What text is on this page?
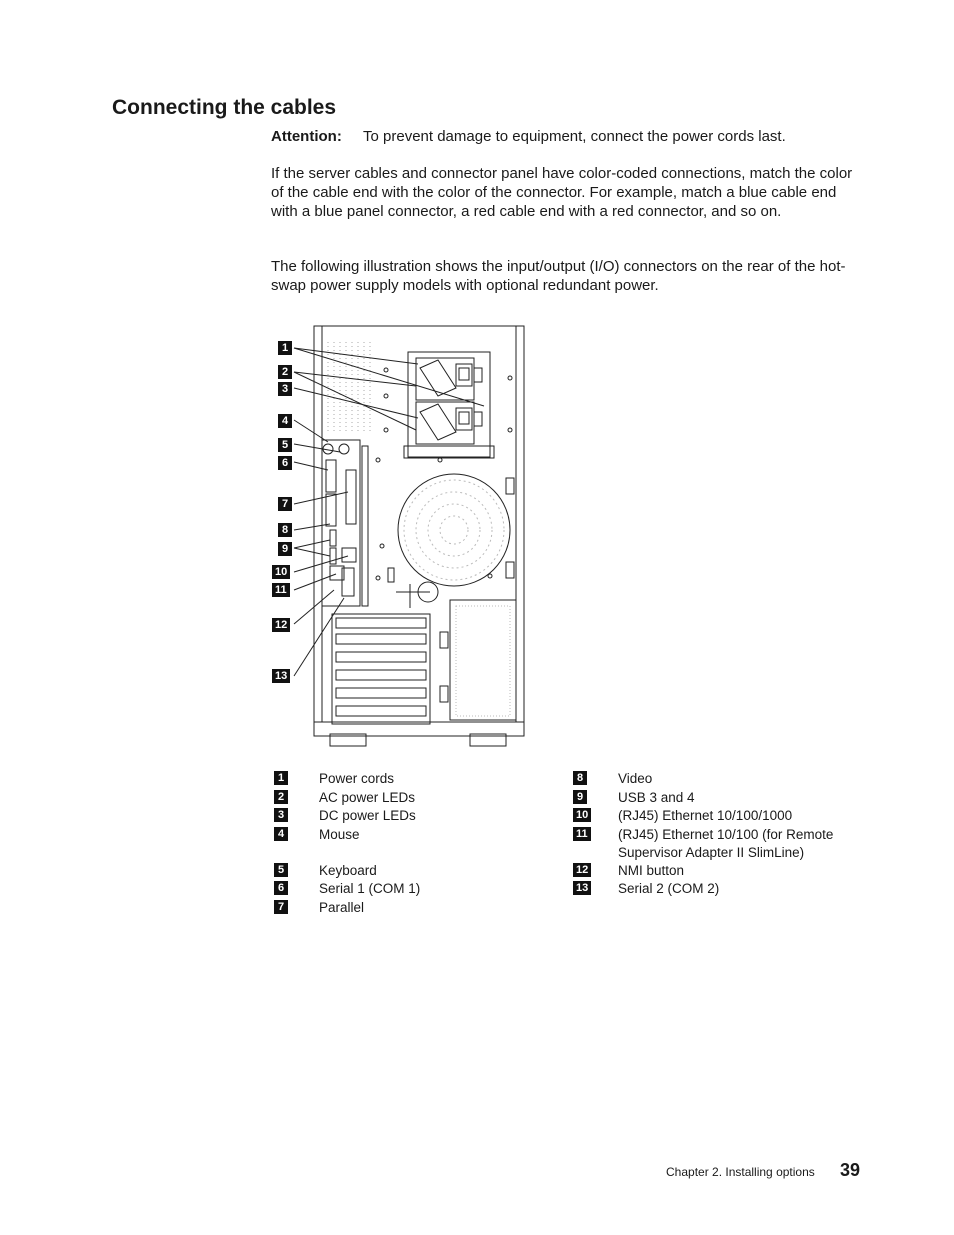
Connecting the cables

Attention: To prevent damage to equipment, connect the power cords last.

If the server cables and connector panel have color-coded connections, match the color of the cable end with the color of the connector. For example, match a blue cable end with a blue panel connector, a red cable end with a red connector, and so on.

The following illustration shows the input/output (I/O) connectors on the rear of the hot-swap power supply models with optional redundant power.

1
2
3
4
5
6
7
8
9
10
11
12
13
1	Power cords
2	AC power LEDs
3	DC power LEDs
4	Mouse
5	Keyboard
6	Serial 1 (COM 1)
7	Parallel
8	Video
9	USB 3 and 4
10 (RJ45) Ethernet 10/100/1000
11 (RJ45) Ethernet 10/100 (for Remote Supervisor Adapter II SlimLine)
12 NMI button
13 Serial 2 (COM 2)
Chapter 2. Installing options 39
